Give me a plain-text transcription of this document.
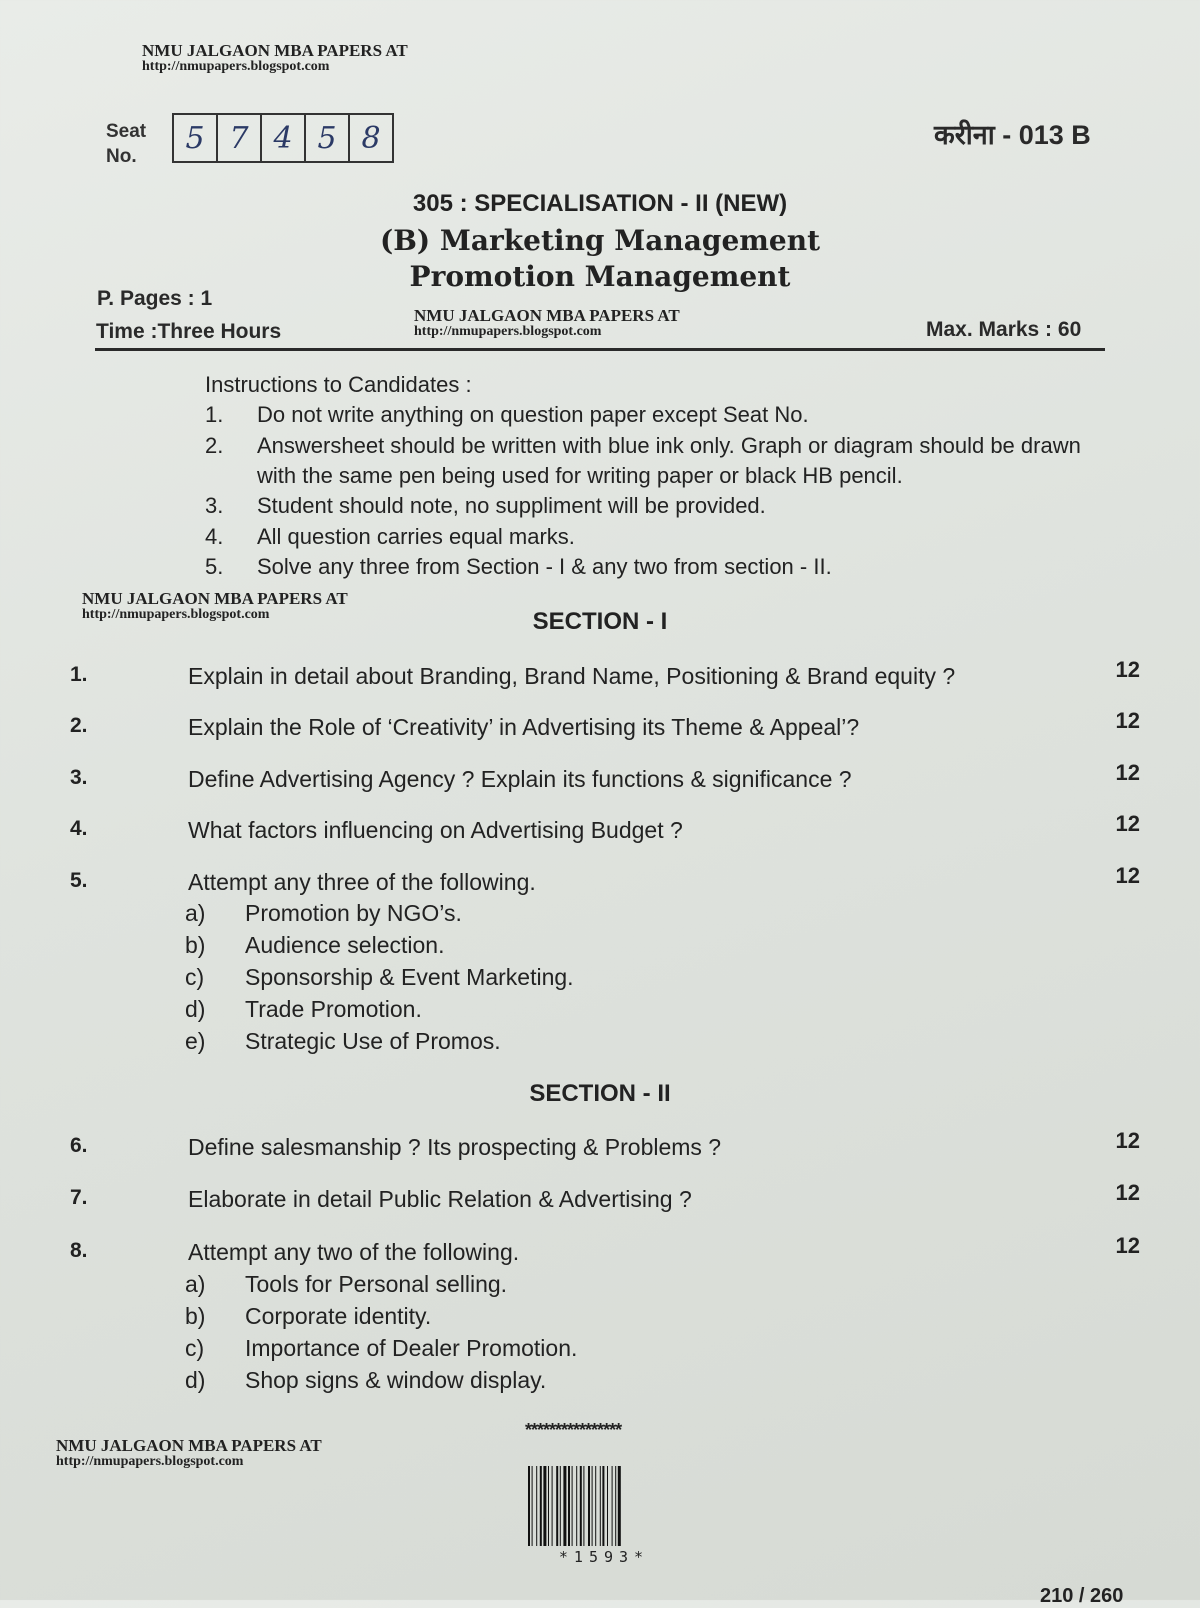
NMU JALGAON MBA PAPERS AT
http://nmupapers.blogspot.com
NMU JALGAON MBA PAPERS AT
http://nmupapers.blogspot.com
NMU JALGAON MBA PAPERS AT
http://nmupapers.blogspot.com
NMU JALGAON MBA PAPERS AT
http://nmupapers.blogspot.com
Seat
No.
5 7 4 5 8	करीना - 013 B
305 : SPECIALISATION - II (NEW)
(B) Marketing Management
Promotion Management
P. Pages : 1
Time :Three Hours	Max. Marks : 60
Instructions to Candidates :
1.	Do not write anything on question paper except Seat No.
2.	Answersheet should be written with blue ink only. Graph or diagram should be drawn with the same pen being used for writing paper or black HB pencil.
3.	Student should note, no suppliment will be provided.
4.	All question carries equal marks.
5.	Solve any three from Section - I & any two from section - II.
SECTION - I
1.	Explain in detail about Branding, Brand Name, Positioning & Brand equity ?	12
2.	Explain the Role of ‘Creativity’ in Advertising its Theme & Appeal’?	12
3.	Define Advertising Agency ? Explain its functions & significance ?	12
4.	What factors influencing on Advertising Budget ?	12
5.	Attempt any three of the following.	12
a) Promotion by NGO’s.
b) Audience selection.
c) Sponsorship & Event Marketing.
d) Trade Promotion.
e) Strategic Use of Promos.
SECTION - II
6.	Define salesmanship ? Its prospecting & Problems ?	12
7.	Elaborate in detail Public Relation & Advertising ?	12
8.	Attempt any two of the following.	12
a) Tools for Personal selling.
b) Corporate identity.
c) Importance of Dealer Promotion.
d) Shop signs & window display.
****************
*1593*
210 / 260
